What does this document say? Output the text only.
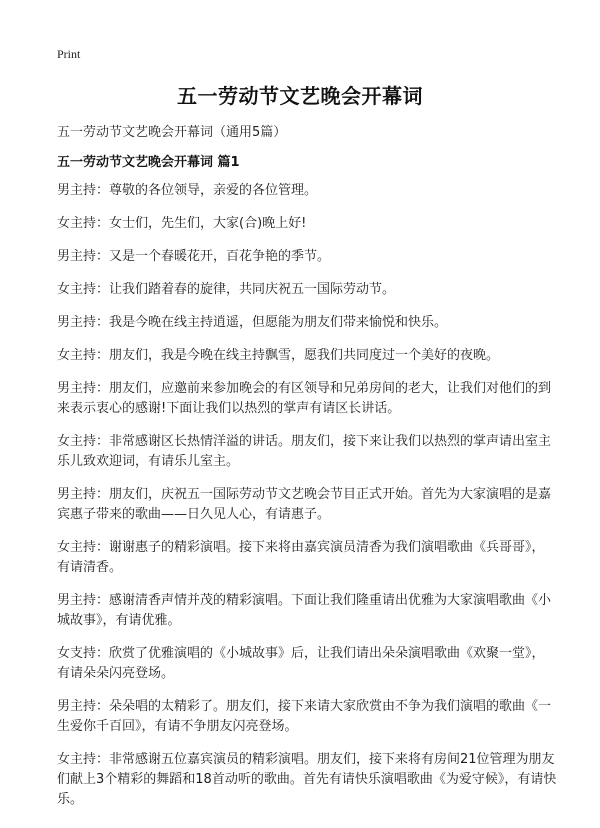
Print
五一劳动节文艺晚会开幕词
五一劳动节文艺晚会开幕词（通用5篇）
五一劳动节文艺晚会开幕词 篇1

男主持：尊敬的各位领导，亲爱的各位管理。

女主持：女士们，先生们，大家(合)晚上好!

男主持：又是一个春暖花开，百花争艳的季节。

女主持：让我们踏着春的旋律，共同庆祝五一国际劳动节。

男主持：我是今晚在线主持逍遥，但愿能为朋友们带来愉悦和快乐。

女主持：朋友们，我是今晚在线主持飘雪，愿我们共同度过一个美好的夜晚。

男主持：朋友们，应邀前来参加晚会的有区领导和兄弟房间的老大，让我们对他们的到来表示衷心的感谢!下面让我们以热烈的掌声有请区长讲话。

女主持：非常感谢区长热情洋溢的讲话。朋友们，接下来让我们以热烈的掌声请出室主乐儿致欢迎词，有请乐儿室主。

男主持：朋友们，庆祝五一国际劳动节文艺晚会节目正式开始。首先为大家演唱的是嘉宾惠子带来的歌曲——日久见人心，有请惠子。

女主持：谢谢惠子的精彩演唱。接下来将由嘉宾演员清香为我们演唱歌曲《兵哥哥》，有请清香。

男主持：感谢清香声情并茂的精彩演唱。下面让我们隆重请出优雅为大家演唱歌曲《小城故事》，有请优雅。

女支持：欣赏了优雅演唱的《小城故事》后，让我们请出朵朵演唱歌曲《欢聚一堂》，有请朵朵闪亮登场。

男主持：朵朵唱的太精彩了。朋友们，接下来请大家欣赏由不争为我们演唱的歌曲《一生爱你千百回》，有请不争朋友闪亮登场。

女主持：非常感谢五位嘉宾演员的精彩演唱。朋友们，接下来将有房间21位管理为朋友们献上3个精彩的舞蹈和18首动听的歌曲。首先有请快乐演唱歌曲《为爱守候》，有请快乐。
